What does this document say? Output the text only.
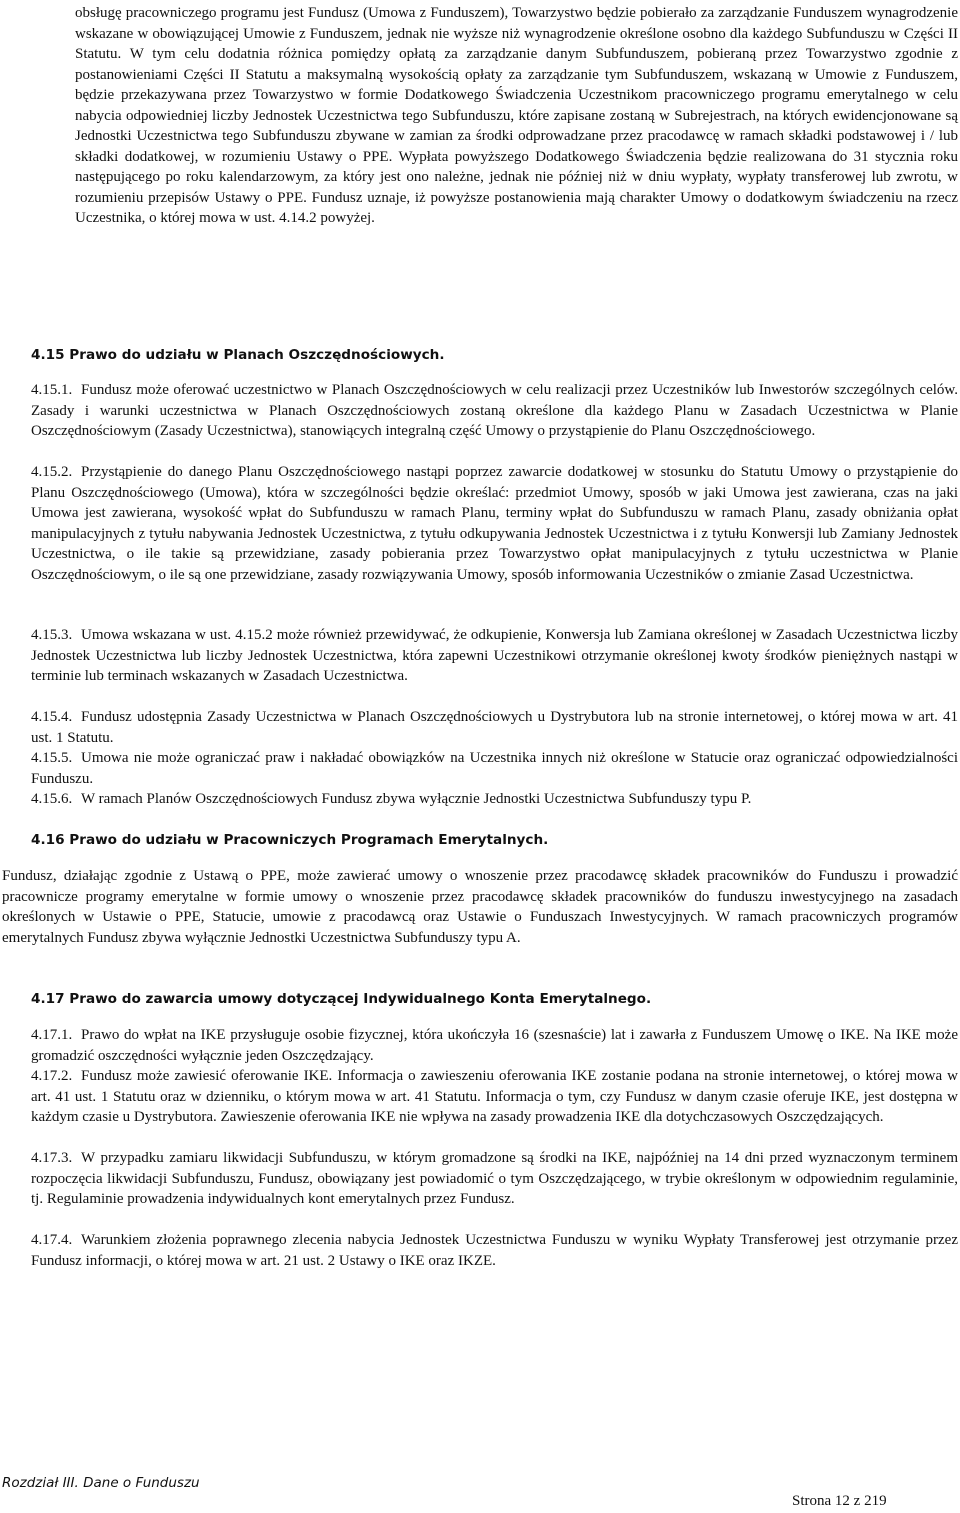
obsługę pracowniczego programu jest Fundusz (Umowa z Funduszem), Towarzystwo będzie pobierało za zarządzanie Funduszem wynagrodzenie wskazane w obowiązującej Umowie z Funduszem, jednak nie wyższe niż wynagrodzenie określone osobno dla każdego Subfunduszu w Części II Statutu. W tym celu dodatnia różnica pomiędzy opłatą za zarządzanie danym Subfunduszem, pobieraną przez Towarzystwo zgodnie z postanowieniami Części II Statutu a maksymalną wysokością opłaty za zarządzanie tym Subfunduszem, wskazaną w Umowie z Funduszem, będzie przekazywana przez Towarzystwo w formie Dodatkowego Świadczenia Uczestnikom pracowniczego programu emerytalnego w celu nabycia odpowiedniej liczby Jednostek Uczestnictwa tego Subfunduszu, które zapisane zostaną w Subrejestrach, na których ewidencjonowane są Jednostki Uczestnictwa tego Subfunduszu zbywane w zamian za środki odprowadzane przez pracodawcę w ramach składki podstawowej i / lub składki dodatkowej, w rozumieniu Ustawy o PPE. Wypłata powyższego Dodatkowego Świadczenia będzie realizowana do 31 stycznia roku następującego po roku kalendarzowym, za który jest ono należne, jednak nie później niż w dniu wypłaty, wypłaty transferowej lub zwrotu, w rozumieniu przepisów Ustawy o PPE. Fundusz uznaje, iż powyższe postanowienia mają charakter Umowy o dodatkowym świadczeniu na rzecz Uczestnika, o której mowa w ust. 4.14.2 powyżej.

4.15 Prawo do udziału w Planach Oszczędnościowych.
4.15.1. Fundusz może oferować uczestnictwo w Planach Oszczędnościowych w celu realizacji przez Uczestników lub Inwestorów szczególnych celów. Zasady i warunki uczestnictwa w Planach Oszczędnościowych zostaną określone dla każdego Planu w Zasadach Uczestnictwa w Planie Oszczędnościowym (Zasady Uczestnictwa), stanowiących integralną część Umowy o przystąpienie do Planu Oszczędnościowego.

4.15.2. Przystąpienie do danego Planu Oszczędnościowego nastąpi poprzez zawarcie dodatkowej w stosunku do Statutu Umowy o przystąpienie do Planu Oszczędnościowego (Umowa), która w szczególności będzie określać: przedmiot Umowy, sposób w jaki Umowa jest zawierana, czas na jaki Umowa jest zawierana, wysokość wpłat do Subfunduszu w ramach Planu, terminy wpłat do Subfunduszu w ramach Planu, zasady obniżania opłat manipulacyjnych z tytułu nabywania Jednostek Uczestnictwa, z tytułu odkupywania Jednostek Uczestnictwa i z tytułu Konwersji lub Zamiany Jednostek Uczestnictwa, o ile takie są przewidziane, zasady pobierania przez Towarzystwo opłat manipulacyjnych z tytułu uczestnictwa w Planie Oszczędnościowym, o ile są one przewidziane, zasady rozwiązywania Umowy, sposób informowania Uczestników o zmianie Zasad Uczestnictwa.

4.15.3. Umowa wskazana w ust. 4.15.2 może również przewidywać, że odkupienie, Konwersja lub Zamiana określonej w Zasadach Uczestnictwa liczby Jednostek Uczestnictwa lub liczby Jednostek Uczestnictwa, która zapewni Uczestnikowi otrzymanie określonej kwoty środków pieniężnych nastąpi w terminie lub terminach wskazanych w Zasadach Uczestnictwa.

4.15.4. Fundusz udostępnia Zasady Uczestnictwa w Planach Oszczędnościowych u Dystrybutora lub na stronie internetowej, o której mowa w art. 41 ust. 1 Statutu.

4.15.5. Umowa nie może ograniczać praw i nakładać obowiązków na Uczestnika innych niż określone w Statucie oraz ograniczać odpowiedzialności Funduszu.

4.15.6. W ramach Planów Oszczędnościowych Fundusz zbywa wyłącznie Jednostki Uczestnictwa Subfunduszy typu P.

4.16 Prawo do udziału w Pracowniczych Programach Emerytalnych.

Fundusz, działając zgodnie z Ustawą o PPE, może zawierać umowy o wnoszenie przez pracodawcę składek pracowników do Funduszu i prowadzić pracownicze programy emerytalne w formie umowy o wnoszenie przez pracodawcę składek pracowników do funduszu inwestycyjnego na zasadach określonych w Ustawie o PPE, Statucie, umowie z pracodawcą oraz Ustawie o Funduszach Inwestycyjnych. W ramach pracowniczych programów emerytalnych Fundusz zbywa wyłącznie Jednostki Uczestnictwa Subfunduszy typu A.

4.17 Prawo do zawarcia umowy dotyczącej Indywidualnego Konta Emerytalnego.
4.17.1. Prawo do wpłat na IKE przysługuje osobie fizycznej, która ukończyła 16 (szesnaście) lat i zawarła z Funduszem Umowę o IKE. Na IKE może gromadzić oszczędności wyłącznie jeden Oszczędzający.

4.17.2. Fundusz może zawiesić oferowanie IKE. Informacja o zawieszeniu oferowania IKE zostanie podana na stronie internetowej, o której mowa w art. 41 ust. 1 Statutu oraz w dzienniku, o którym mowa w art. 41 Statutu. Informacja o tym, czy Fundusz w danym czasie oferuje IKE, jest dostępna w każdym czasie u Dystrybutora. Zawieszenie oferowania IKE nie wpływa na zasady prowadzenia IKE dla dotychczasowych Oszczędzających.

4.17.3. W przypadku zamiaru likwidacji Subfunduszu, w którym gromadzone są środki na IKE, najpóźniej na 14 dni przed wyznaczonym terminem rozpoczęcia likwidacji Subfunduszu, Fundusz, obowiązany jest powiadomić o tym Oszczędzającego, w trybie określonym w odpowiednim regulaminie, tj. Regulaminie prowadzenia indywidualnych kont emerytalnych przez Fundusz.

4.17.4. Warunkiem złożenia poprawnego zlecenia nabycia Jednostek Uczestnictwa Funduszu w wyniku Wypłaty Transferowej jest otrzymanie przez Fundusz informacji, o której mowa w art. 21 ust. 2 Ustawy o IKE oraz IKZE.

Rozdział III. Dane o Funduszu
Strona 12 z 219
